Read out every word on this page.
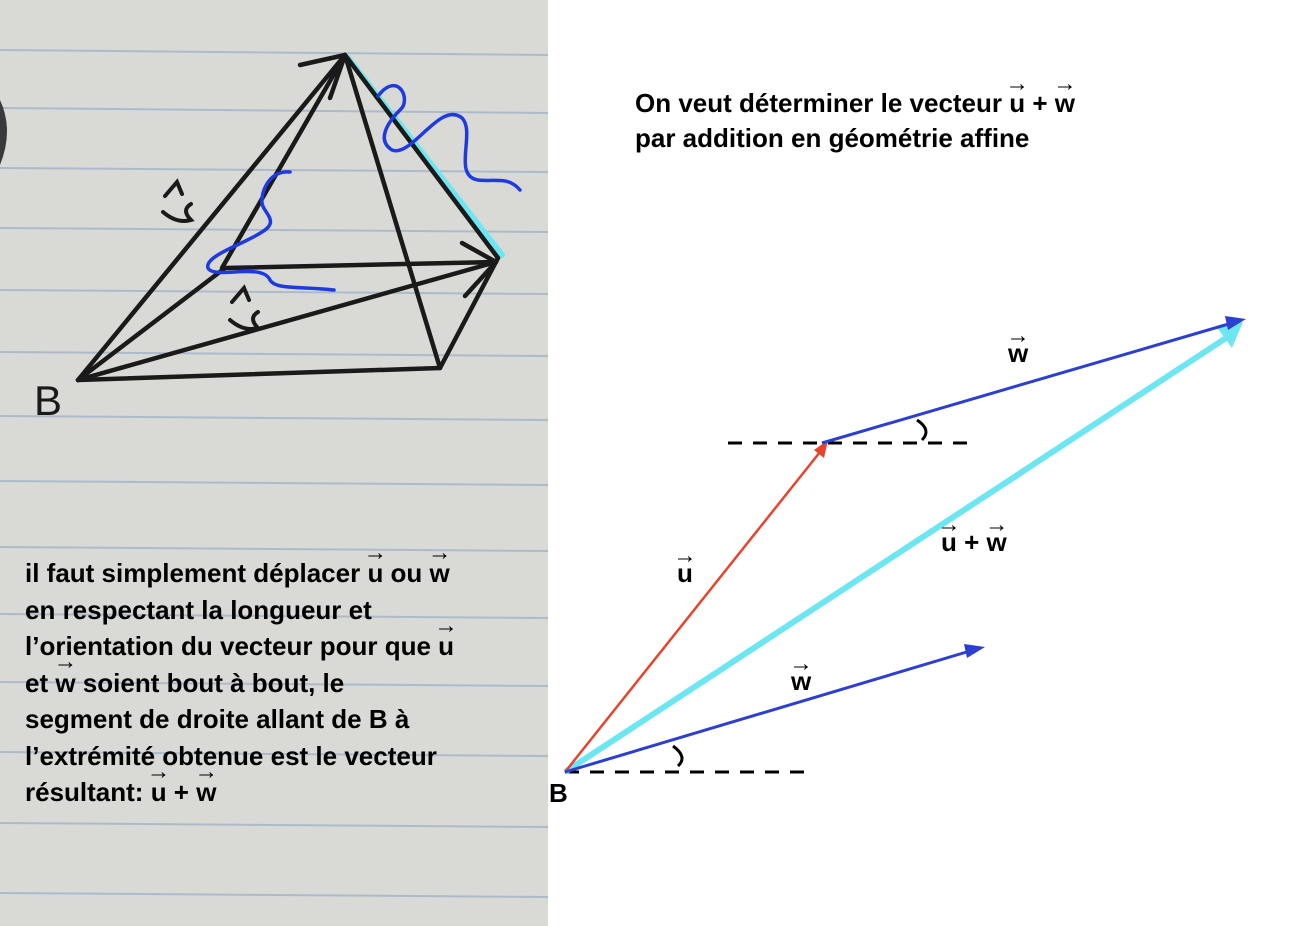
B
On veut déterminer le vecteur → u + → w
par addition en géométrie affine
il faut simplement déplacer → u ou → w
en respectant la longueur et
l’orientation du vecteur pour que → u
et → w soient bout à bout, le
segment de droite allant de B à
l’extrémité obtenue est le vecteur
résultant: → u + → w
→ w
→ u + → w
→ u
→ w
B
